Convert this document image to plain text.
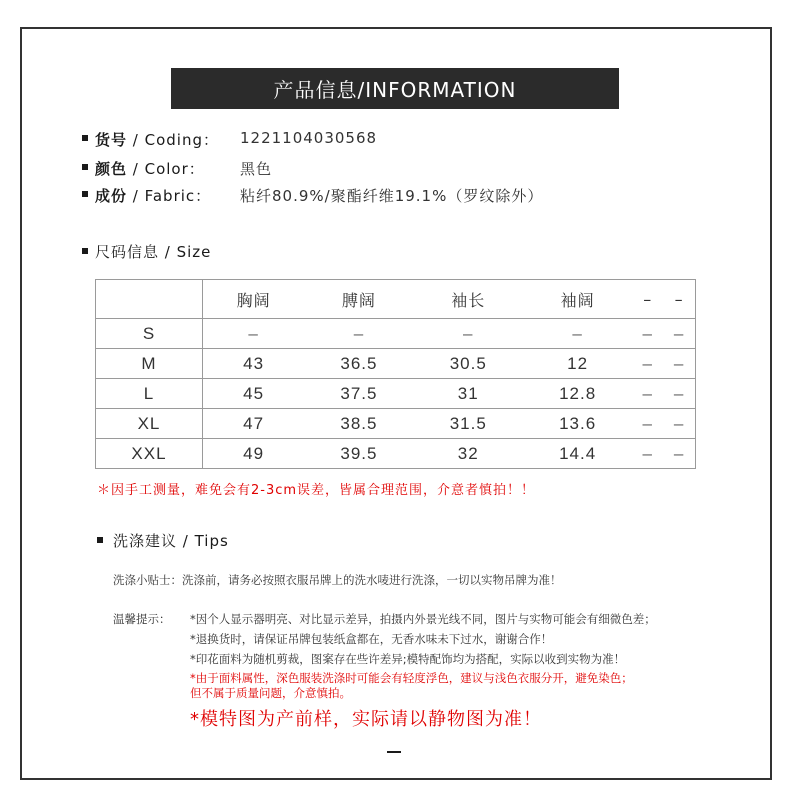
产品信息/INFORMATION
货号 / Coding： 1221104030568
颜色 / Color： 黑色
成份 / Fabric： 粘纤80.9%/聚酯纤维19.1%（罗纹除外）
尺码信息 / Size
	胸阔	膊阔	袖长	袖阔	–	–
S	–	–	–	–	–	–
M	43	36.5	30.5	12	–	–
L	45	37.5	31	12.8	–	–
XL	47	38.5	31.5	13.6	–	–
XXL	49	39.5	32	14.4	–	–
＊因手工测量，难免会有2-3cm误差，皆属合理范围，介意者慎拍！！
洗涤建议 / Tips
洗涤小贴士：洗涤前，请务必按照衣服吊牌上的洗水唛进行洗涤，一切以实物吊牌为准！
温馨提示： *因个人显示器明亮、对比显示差异，拍摄内外景光线不同，图片与实物可能会有细微色差；
*退换货时，请保证吊牌包装纸盒都在，无香水味未下过水，谢谢合作！
*印花面料为随机剪裁，图案存在些许差异;模特配饰均为搭配，实际以收到实物为准！
*由于面料属性，深色服装洗涤时可能会有轻度浮色，建议与浅色衣服分开，避免染色；
但不属于质量问题，介意慎拍。
*模特图为产前样，实际请以静物图为准！
